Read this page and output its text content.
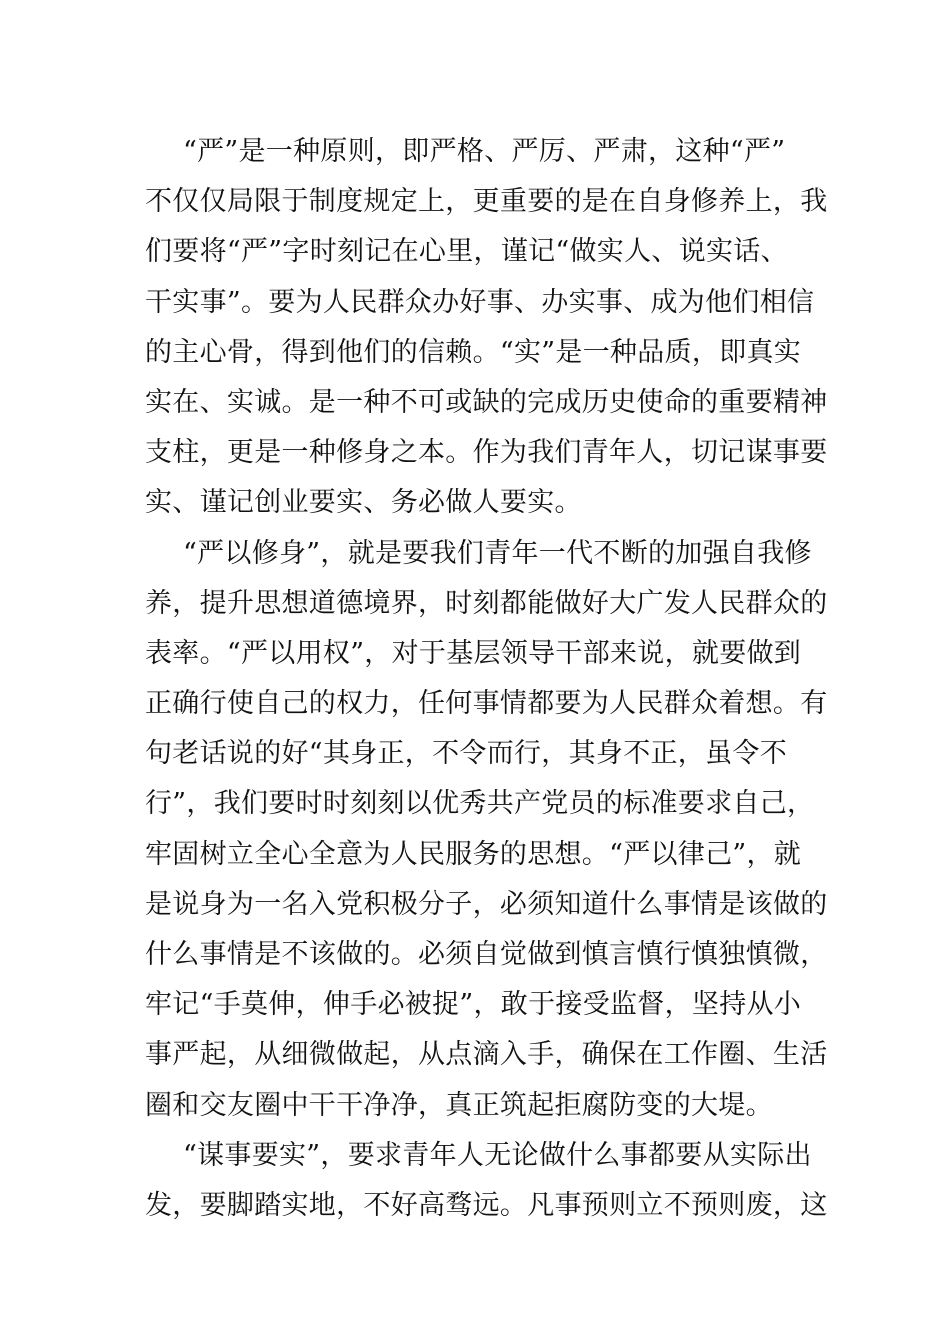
“严”是一种原则，即严格、严厉、严肃，这种“严”
不仅仅局限于制度规定上，更重要的是在自身修养上，我
们要将“严”字时刻记在心里，谨记“做实人、说实话、
干实事”。要为人民群众办好事、办实事、成为他们相信
的主心骨，得到他们的信赖。“实”是一种品质，即真实
实在、实诚。是一种不可或缺的完成历史使命的重要精神
支柱，更是一种修身之本。作为我们青年人，切记谋事要
实、谨记创业要实、务必做人要实。
“严以修身”，就是要我们青年一代不断的加强自我修
养，提升思想道德境界，时刻都能做好大广发人民群众的
表率。“严以用权”，对于基层领导干部来说，就要做到
正确行使自己的权力，任何事情都要为人民群众着想。有
句老话说的好“其身正，不令而行，其身不正，虽令不
行”，我们要时时刻刻以优秀共产党员的标准要求自己，
牢固树立全心全意为人民服务的思想。“严以律己”，就
是说身为一名入党积极分子，必须知道什么事情是该做的
什么事情是不该做的。必须自觉做到慎言慎行慎独慎微，
牢记“手莫伸，伸手必被捉”，敢于接受监督，坚持从小
事严起，从细微做起，从点滴入手，确保在工作圈、生活
圈和交友圈中干干净净，真正筑起拒腐防变的大堤。
“谋事要实”，要求青年人无论做什么事都要从实际出
发，要脚踏实地，不好高骛远。凡事预则立不预则废，这
